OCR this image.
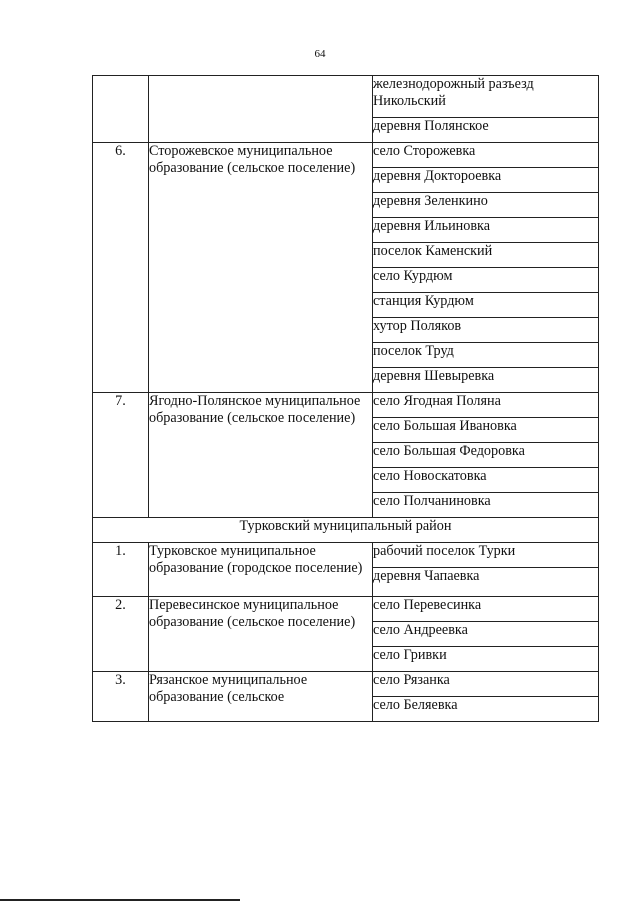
64
		железнодорожный разъезд Никольский
		деревня Полянское
6.	Сторожевское муниципальное образование (сельское поселение)	село Сторожевка
		деревня Доктороевка
		деревня Зеленкино
		деревня Ильиновка
		поселок Каменский
		село Курдюм
		станция Курдюм
		хутор Поляков
		поселок Труд
		деревня Шевыревка
7.	Ягодно-Полянское муниципальное образование (сельское поселение)	село Ягодная Поляна
		село Большая Ивановка
		село Большая Федоровка
		село Новоскатовка
		село Полчаниновка
Турковский муниципальный район		
1.	Турковское муниципальное образование (городское поселение)	рабочий поселок Турки
		деревня Чапаевка
2.	Перевесинское муниципальное образование (сельское поселение)	село Перевесинка
		село Андреевка
		село Гривки
3.	Рязанское муниципальное образование (сельское	село Рязанка
		село Беляевка
